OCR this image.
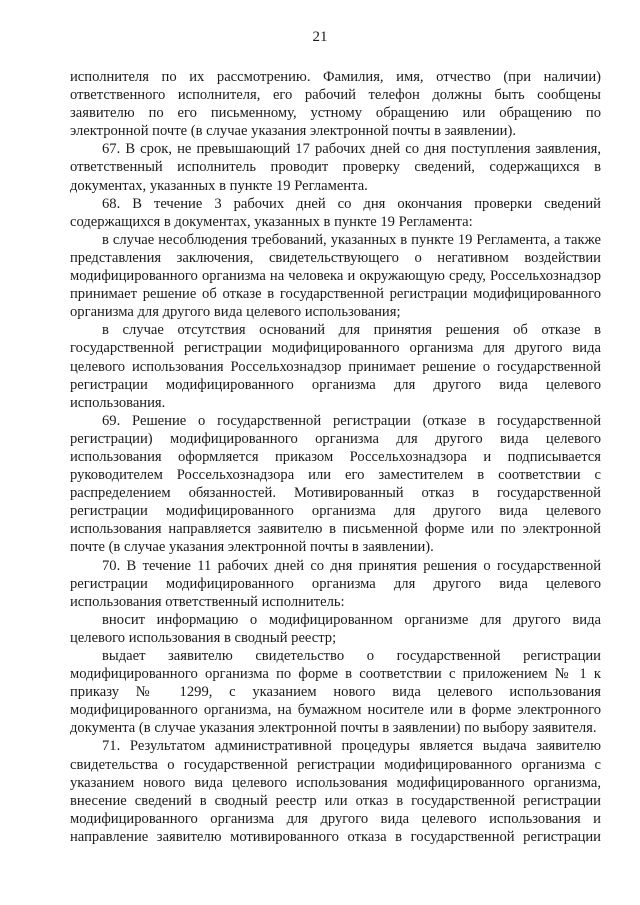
21

исполнителя по их рассмотрению. Фамилия, имя, отчество (при наличии) ответственного исполнителя, его рабочий телефон должны быть сообщены заявителю по его письменному, устному обращению или обращению по электронной почте (в случае указания электронной почты в заявлении).

67. В срок, не превышающий 17 рабочих дней со дня поступления заявления, ответственный исполнитель проводит проверку сведений, содержащихся в документах, указанных в пункте 19 Регламента.

68. В течение 3 рабочих дней со дня окончания проверки сведений содержащихся в документах, указанных в пункте 19 Регламента:

в случае несоблюдения требований, указанных в пункте 19 Регламента, а также представления заключения, свидетельствующего о негативном воздействии модифицированного организма на человека и окружающую среду, Россельхознадзор принимает решение об отказе в государственной регистрации модифицированного организма для другого вида целевого использования;

в случае отсутствия оснований для принятия решения об отказе в государственной регистрации модифицированного организма для другого вида целевого использования Россельхознадзор принимает решение о государственной регистрации модифицированного организма для другого вида целевого использования.

69. Решение о государственной регистрации (отказе в государственной регистрации) модифицированного организма для другого вида целевого использования оформляется приказом Россельхознадзора и подписывается руководителем Россельхознадзора или его заместителем в соответствии с распределением обязанностей. Мотивированный отказ в государственной регистрации модифицированного организма для другого вида целевого использования направляется заявителю в письменной форме или по электронной почте (в случае указания электронной почты в заявлении).

70. В течение 11 рабочих дней со дня принятия решения о государственной регистрации модифицированного организма для другого вида целевого использования ответственный исполнитель:

вносит информацию о модифицированном организме для другого вида целевого использования в сводный реестр;

выдает заявителю свидетельство о государственной регистрации модифицированного организма по форме в соответствии с приложением № 1 к приказу № 1299, с указанием нового вида целевого использования модифицированного организма, на бумажном носителе или в форме электронного документа (в случае указания электронной почты в заявлении) по выбору заявителя.

71. Результатом административной процедуры является выдача заявителю свидетельства о государственной регистрации модифицированного организма с указанием нового вида целевого использования модифицированного организма, внесение сведений в сводный реестр или отказ в государственной регистрации модифицированного организма для другого вида целевого использования и направление заявителю мотивированного отказа в государственной регистрации
